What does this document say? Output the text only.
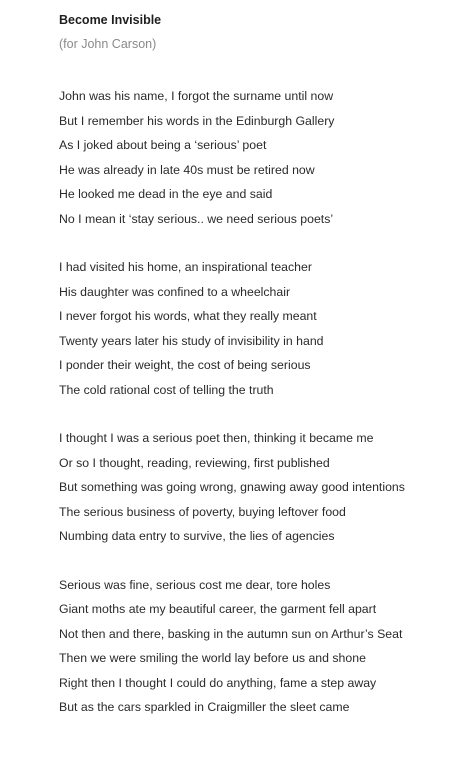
Become Invisible
(for John Carson)
John was his name, I forgot the surname until now
But I remember his words in the Edinburgh Gallery
As I joked about being a ‘serious’ poet
He was already in late 40s must be retired now
He looked me dead in the eye and said
No I mean it ‘stay serious.. we need serious poets’
I had visited his home, an inspirational teacher
His daughter was confined to a wheelchair
I never forgot his words, what they really meant
Twenty years later his study of invisibility in hand
I ponder their weight, the cost of being serious
The cold rational cost of telling the truth
I thought I was a serious poet then, thinking it became me
Or so I thought, reading, reviewing, first published
But something was going wrong, gnawing away good intentions
The serious business of poverty, buying leftover food
Numbing data entry to survive, the lies of agencies
Serious was fine, serious cost me dear, tore holes
Giant moths ate my beautiful career, the garment fell apart
Not then and there, basking in the autumn sun on Arthur’s Seat
Then we were smiling the world lay before us and shone
Right then I thought I could do anything, fame a step away
But as the cars sparkled in Craigmiller the sleet came
